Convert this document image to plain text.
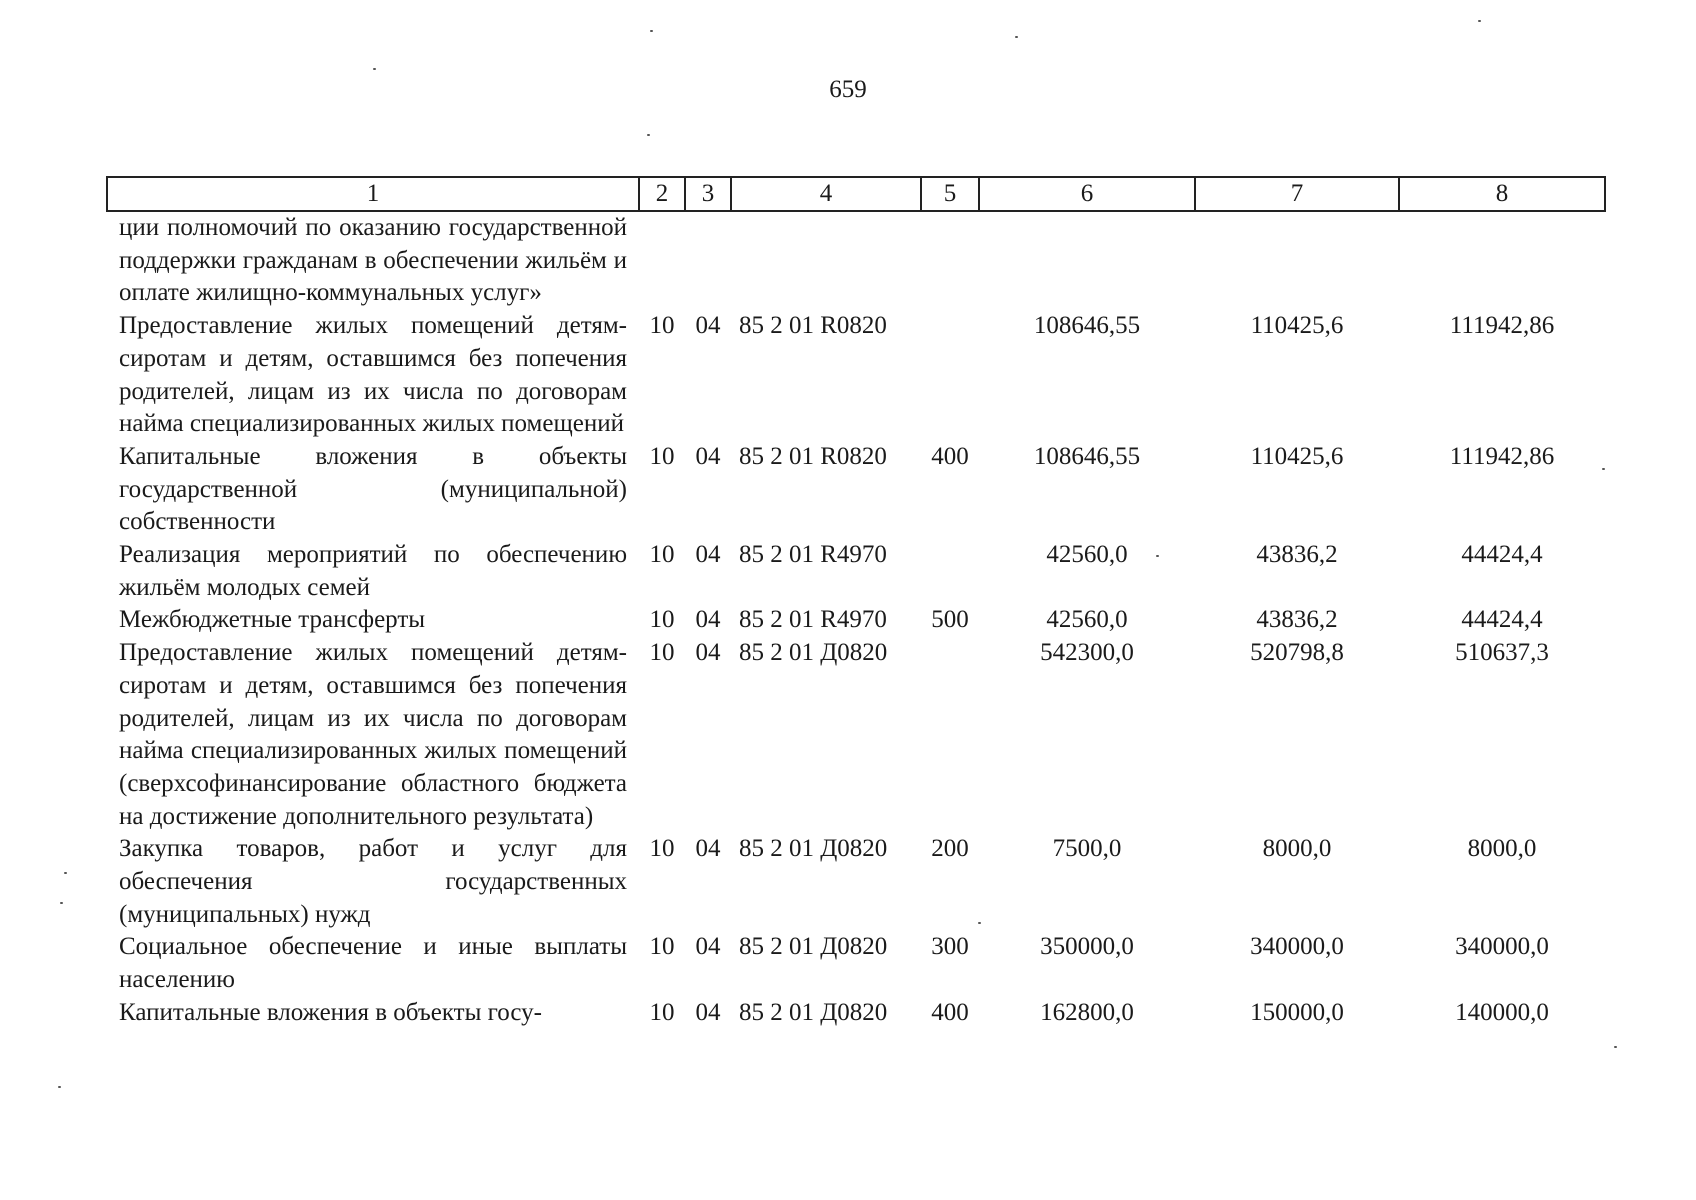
659
1	2	3	4	5	6	7	8
ции полномочий по оказанию государственной поддержки гражданам в обеспечении жильём и оплате жилищно-коммунальных услуг»							
Предоставление жилых помещений детям-сиротам и детям, оставшимся без попечения родителей, лицам из их числа по договорам найма специализированных жилых помещений	10	04	85 2 01 R0820		108646,55	110425,6	111942,86
Капитальные вложения в объекты государственной (муниципальной) собственности	10	04	85 2 01 R0820	400	108646,55	110425,6	111942,86
Реализация мероприятий по обеспечению жильём молодых семей	10	04	85 2 01 R4970		42560,0	43836,2	44424,4
Межбюджетные трансферты	10	04	85 2 01 R4970	500	42560,0	43836,2	44424,4
Предоставление жилых помещений детям-сиротам и детям, оставшимся без попечения родителей, лицам из их числа по договорам найма специализированных жилых помещений (сверхсофинансирование областного бюджета на достижение дополнительного результата)	10	04	85 2 01 Д0820		542300,0	520798,8	510637,3
Закупка товаров, работ и услуг для обеспечения государственных (муниципальных) нужд	10	04	85 2 01 Д0820	200	7500,0	8000,0	8000,0
Социальное обеспечение и иные выплаты населению	10	04	85 2 01 Д0820	300	350000,0	340000,0	340000,0
Капитальные вложения в объекты госу-	10	04	85 2 01 Д0820	400	162800,0	150000,0	140000,0
